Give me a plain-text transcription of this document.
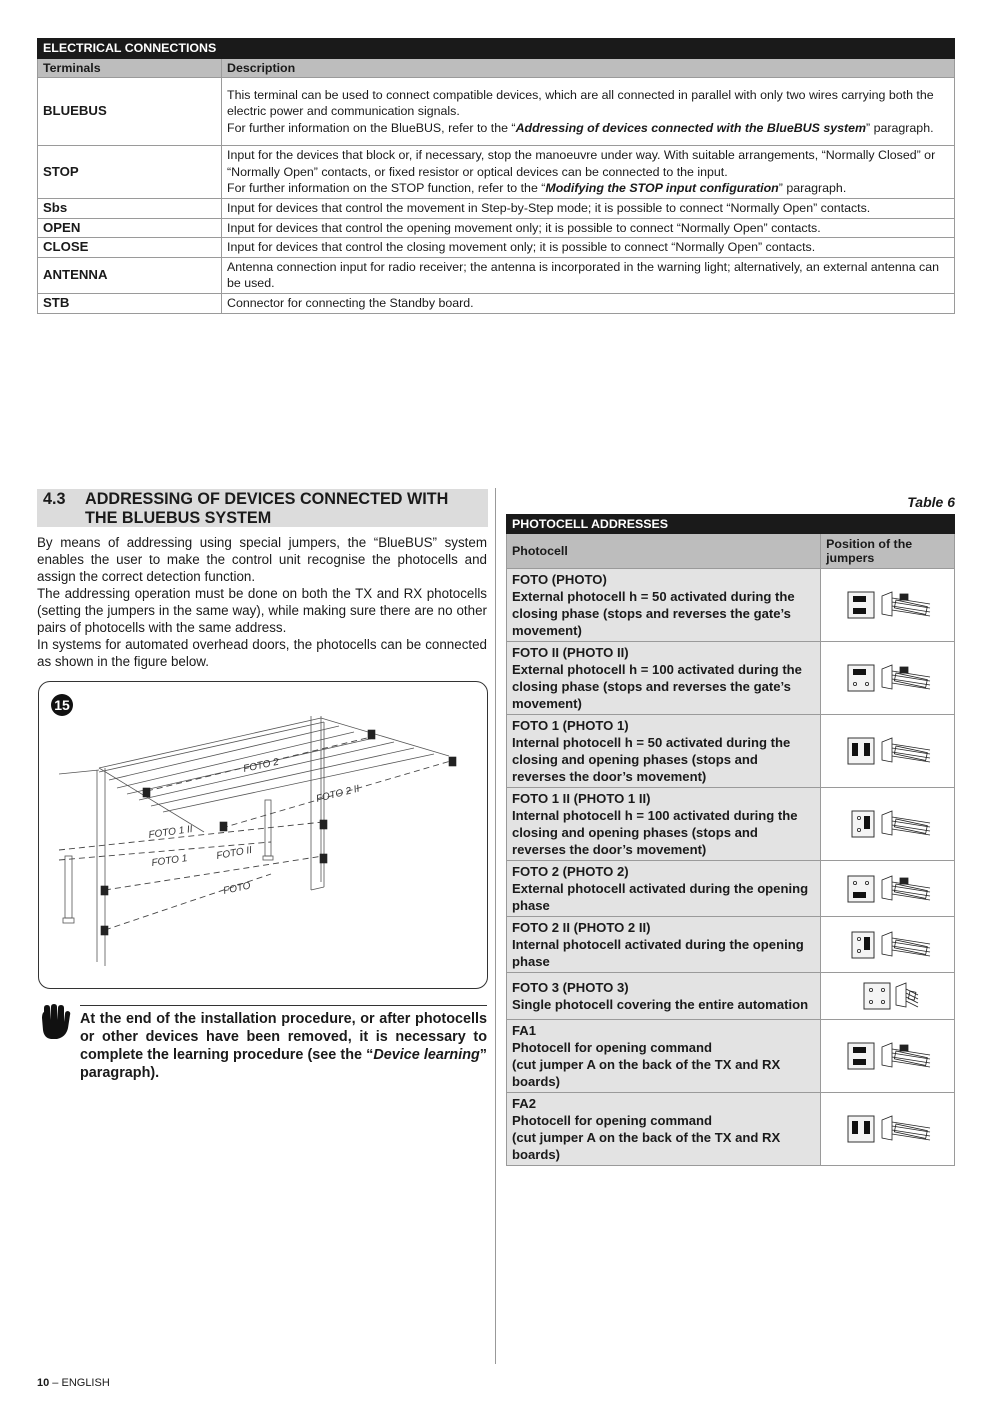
ELECTRICAL CONNECTIONS	
Terminals	Description
BLUEBUS	This terminal can be used to connect compatible devices, which are all connected in parallel with only two wires carrying both the electric power and communication signals.
For further information on the BlueBUS, refer to the “Addressing of devices connected with the BlueBUS system” paragraph.
STOP	Input for the devices that block or, if necessary, stop the manoeuvre under way. With suitable arrangements, “Normally Closed” or “Normally Open” contacts, or fixed resistor or optical devices can be connected to the input.
For further information on the STOP function, refer to the “Modifying the STOP input configuration” paragraph.
Sbs	Input for devices that control the movement in Step-by-Step mode; it is possible to connect “Normally Open” contacts.
OPEN	Input for devices that control the opening movement only; it is possible to connect “Normally Open” contacts.
CLOSE	Input for devices that control the closing movement only; it is possible to connect “Normally Open” contacts.
ANTENNA	Antenna connection input for radio receiver; the antenna is incorporated in the warning light; alternatively, an external antenna can be used.
STB	Connector for connecting the Standby board.
4.3 ADDRESSING OF DEVICES CONNECTED WITH
THE BLUEBUS SYSTEM

By means of addressing using special jumpers, the “BlueBUS” system enables the user to make the control unit recognise the photocells and assign the correct detection function.

The addressing operation must be done on both the TX and RX photocells (setting the jumpers in the same way), while making sure there are no other pairs of photocells with the same address.

In systems for automated overhead doors, the photocells can be connected as shown in the figure below.

15
FOTO 2
FOTO 2 II
FOTO 1 II
FOTO 1	FOTO II
FOTO
At the end of the installation procedure, or after photocells or other devices have been removed, it is necessary to complete the learning procedure (see the “Device learning” paragraph).
Table 6
PHOTOCELL ADDRESSES	
Photocell	Position of the jumpers

FOTO (PHOTO)
External photocell h = 50 activated during the closing phase (stops and reverses the gate’s movement)

FOTO II (PHOTO II)
External photocell h = 100 activated during the closing phase (stops and reverses the gate’s movement)

FOTO 1 (PHOTO 1)
Internal photocell h = 50 activated during the closing and opening phases (stops and reverses the door’s movement)

FOTO 1 II (PHOTO 1 II)
Internal photocell h = 100 activated during the closing and opening phases (stops and reverses the door’s movement)

FOTO 2 (PHOTO 2)
External photocell activated during the opening phase

FOTO 2 II (PHOTO 2 II)
Internal photocell activated during the opening phase

FOTO 3 (PHOTO 3)
Single photocell covering the entire automation

FA1
Photocell for opening command
(cut jumper A on the back of the TX and RX boards)

FA2
Photocell for opening command
(cut jumper A on the back of the TX and RX boards)

10 – ENGLISH
